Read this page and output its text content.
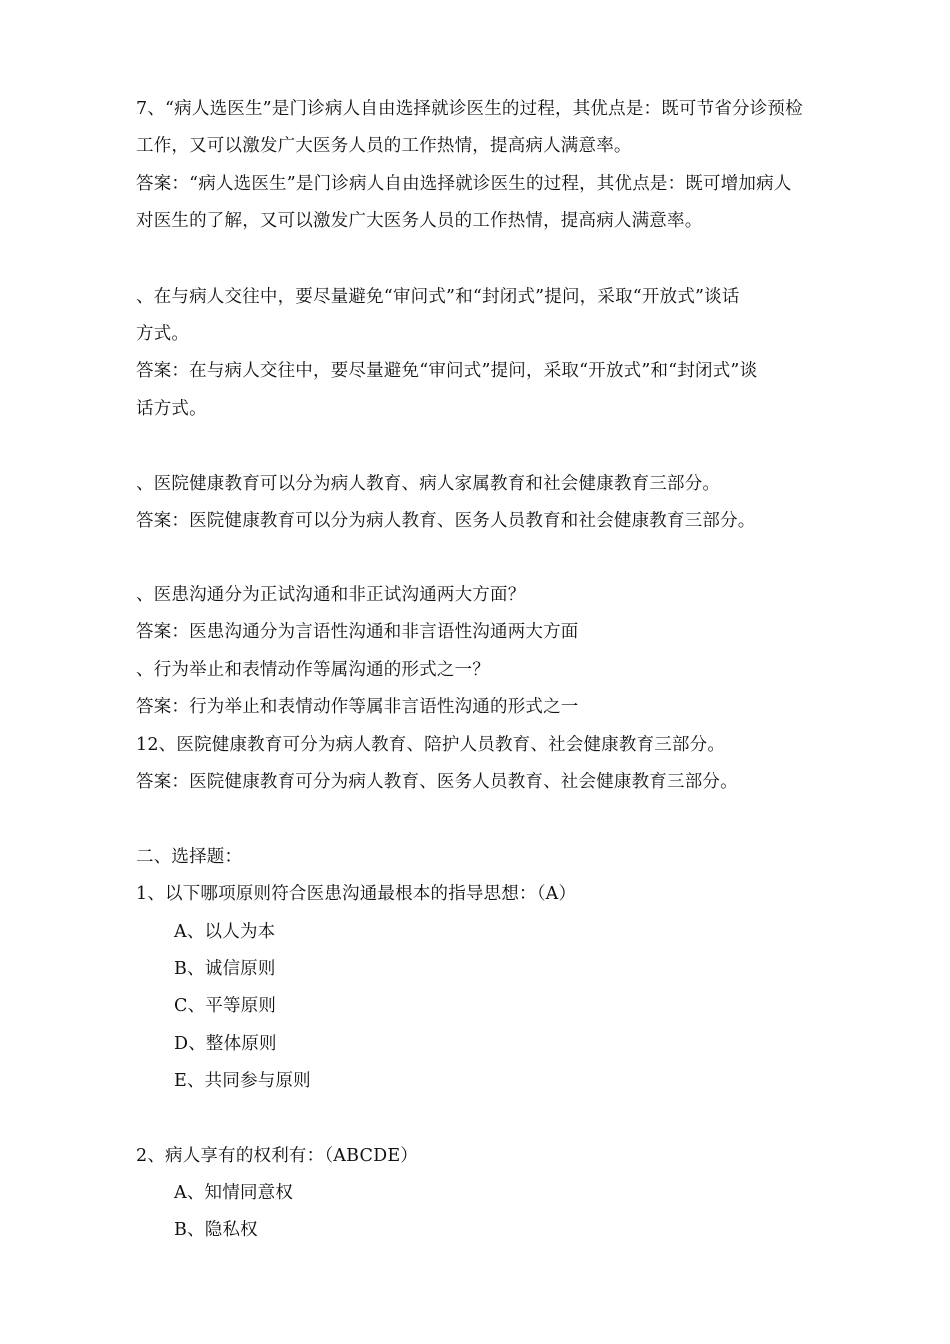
7、“病人选医生”是门诊病人自由选择就诊医生的过程，其优点是：既可节省分诊预检
工作，又可以激发广大医务人员的工作热情，提高病人满意率。
答案：“病人选医生”是门诊病人自由选择就诊医生的过程，其优点是：既可增加病人
对医生的了解，又可以激发广大医务人员的工作热情，提高病人满意率。
、在与病人交往中，要尽量避免“审问式”和“封闭式”提问，采取“开放式”谈话
方式。
答案：在与病人交往中，要尽量避免“审问式”提问，采取“开放式”和“封闭式”谈
话方式。
、医院健康教育可以分为病人教育、病人家属教育和社会健康教育三部分。
答案：医院健康教育可以分为病人教育、医务人员教育和社会健康教育三部分。
、医患沟通分为正试沟通和非正试沟通两大方面？
答案：医患沟通分为言语性沟通和非言语性沟通两大方面
、行为举止和表情动作等属沟通的形式之一？
答案：行为举止和表情动作等属非言语性沟通的形式之一
12、医院健康教育可分为病人教育、陪护人员教育、社会健康教育三部分。
答案：医院健康教育可分为病人教育、医务人员教育、社会健康教育三部分。
二、选择题：
1、以下哪项原则符合医患沟通最根本的指导思想：（A）
A、以人为本
B、诚信原则
C、平等原则
D、整体原则
E、共同参与原则
2、病人享有的权利有：（ABCDE）
A、知情同意权
B、隐私权
